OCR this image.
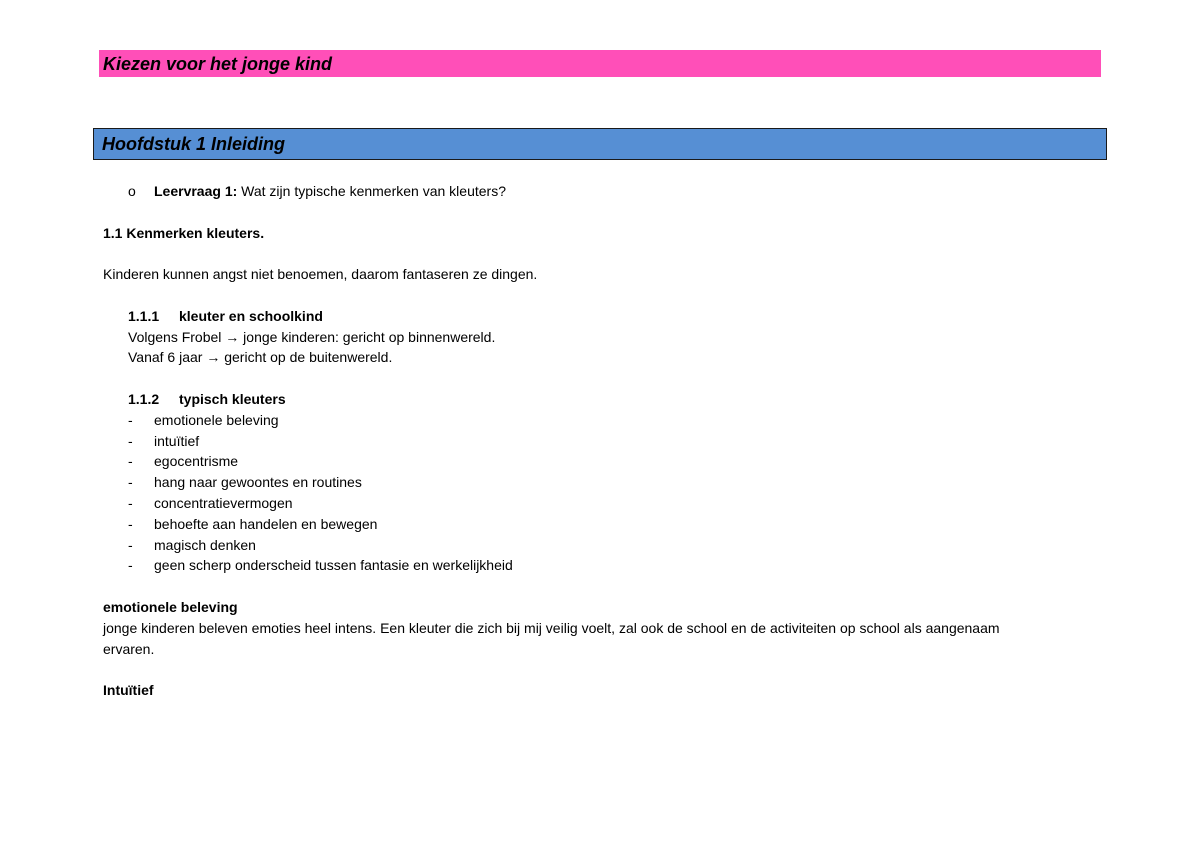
Kiezen voor het jonge kind
Hoofdstuk 1 Inleiding
o Leervraag 1: Wat zijn typische kenmerken van kleuters?
1.1 Kenmerken kleuters.
Kinderen kunnen angst niet benoemen, daarom fantaseren ze dingen.
1.1.1 kleuter en schoolkind
Volgens Frobel → jonge kinderen: gericht op binnenwereld.
Vanaf 6 jaar → gericht op de buitenwereld.
1.1.2 typisch kleuters
- emotionele beleving
- intuïtief
- egocentrisme
- hang naar gewoontes en routines
- concentratievermogen
- behoefte aan handelen en bewegen
- magisch denken
- geen scherp onderscheid tussen fantasie en werkelijkheid
emotionele beleving
jonge kinderen beleven emoties heel intens. Een kleuter die zich bij mij veilig voelt, zal ook de school en de activiteiten op school als aangenaam ervaren.
Intuïtief
